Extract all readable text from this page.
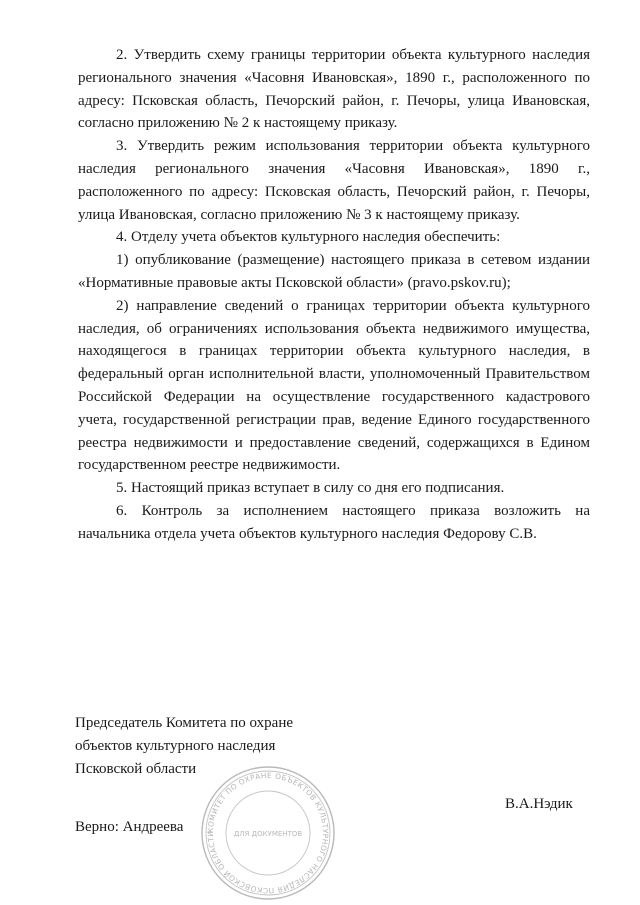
2. Утвердить схему границы территории объекта культурного наследия регионального значения «Часовня Ивановская», 1890 г., расположенного по адресу: Псковская область, Печорский район, г. Печоры, улица Ивановская, согласно приложению № 2 к настоящему приказу.

3. Утвердить режим использования территории объекта культурного наследия регионального значения «Часовня Ивановская», 1890 г., расположенного по адресу: Псковская область, Печорский район, г. Печоры, улица Ивановская, согласно приложению № 3 к настоящему приказу.

4. Отделу учета объектов культурного наследия обеспечить:

1) опубликование (размещение) настоящего приказа в сетевом издании «Нормативные правовые акты Псковской области» (pravo.pskov.ru);

2) направление сведений о границах территории объекта культурного наследия, об ограничениях использования объекта недвижимого имущества, находящегося в границах территории объекта культурного наследия, в федеральный орган исполнительной власти, уполномоченный Правительством Российской Федерации на осуществление государственного кадастрового учета, государственной регистрации прав, ведение Единого государственного реестра недвижимости и предоставление сведений, содержащихся в Едином государственном реестре недвижимости.

5. Настоящий приказ вступает в силу со дня его подписания.

6. Контроль за исполнением настоящего приказа возложить на начальника отдела учета объектов культурного наследия Федорову С.В.

Председатель Комитета по охране
объектов культурного наследия
Псковской области
В.А.Нэдик
Верно: Андреева	КОМИТЕТ ПО ОХРАНЕ ОБЪЕКТОВ КУЛЬТУРНОГО НАСЛЕДИЯ ПСКОВСКОЙ ОБЛАСТИ	ДЛЯ ДОКУМЕНТОВ
